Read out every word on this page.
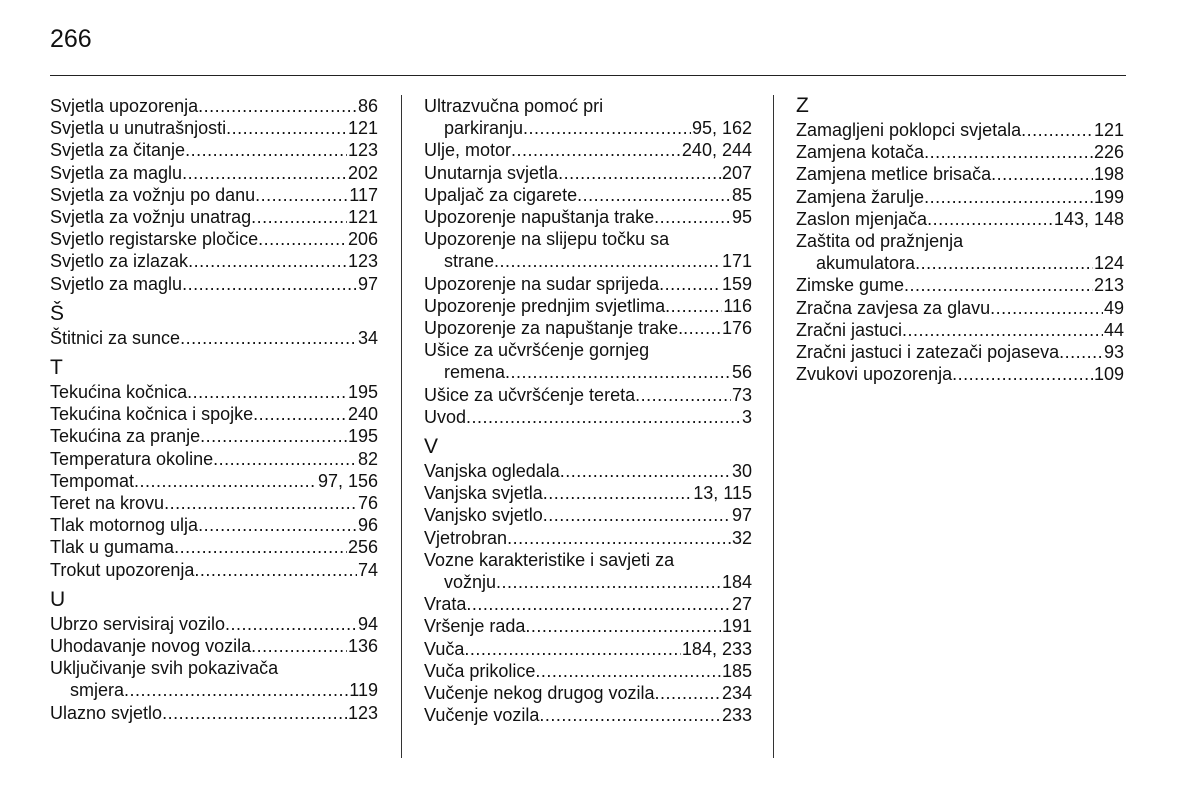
266
Svjetla upozorenja .....	86
Svjetla u unutrašnjosti .....	121
Svjetla za čitanje .....	123
Svjetla za maglu .....	202
Svjetla za vožnju po danu .....	117
Svjetla za vožnju unatrag .....	121
Svjetlo registarske pločice .....	206
Svjetlo za izlazak .....	123
Svjetlo za maglu .....	97
Š
Štitnici za sunce .....	34
T
Tekućina kočnica .....	195
Tekućina kočnica i spojke .....	240
Tekućina za pranje .....	195
Temperatura okoline .....	82
Tempomat .....	97, 156
Teret na krovu .....	76
Tlak motornog ulja .....	96
Tlak u gumama .....	256
Trokut upozorenja .....	74
U
Ubrzo servisiraj vozilo .....	94
Uhodavanje novog vozila .....	136
Uključivanje svih pokazivača
smjera .....	119
Ulazno svjetlo .....	123
Ultrazvučna pomoć pri
parkiranju .....	95, 162
Ulje, motor .....	240, 244
Unutarnja svjetla .....	207
Upaljač za cigarete .....	85
Upozorenje napuštanja trake .....	95
Upozorenje na slijepu točku sa
strane .....	171
Upozorenje na sudar sprijeda .....	159
Upozorenje prednjim svjetlima .....	116
Upozorenje za napuštanje trake. ..... 176
Ušice za učvršćenje gornjeg
remena .....	56
Ušice za učvršćenje tereta .....	73
Uvod .....	3
V
Vanjska ogledala .....	30
Vanjska svjetla .....	13, 115
Vanjsko svjetlo .....	97
Vjetrobran .....	32
Vozne karakteristike i savjeti za
vožnju .....	184
Vrata .....	27
Vršenje rada .....	191
Vuča .....	184, 233
Vuča prikolice .....	185
Vučenje nekog drugog vozila .....	234
Vučenje vozila .....	233
Z
Zamagljeni poklopci svjetala .....	121
Zamjena kotača .....	226
Zamjena metlice brisača .....	198
Zamjena žarulje .....	199
Zaslon mjenjača .....	143, 148
Zaštita od pražnjenja
akumulatora .....	124
Zimske gume .....	213
Zračna zavjesa za glavu .....	49
Zračni jastuci .....	44
Zračni jastuci i zatezači pojaseva ..... 93
Zvukovi upozorenja .....	109
